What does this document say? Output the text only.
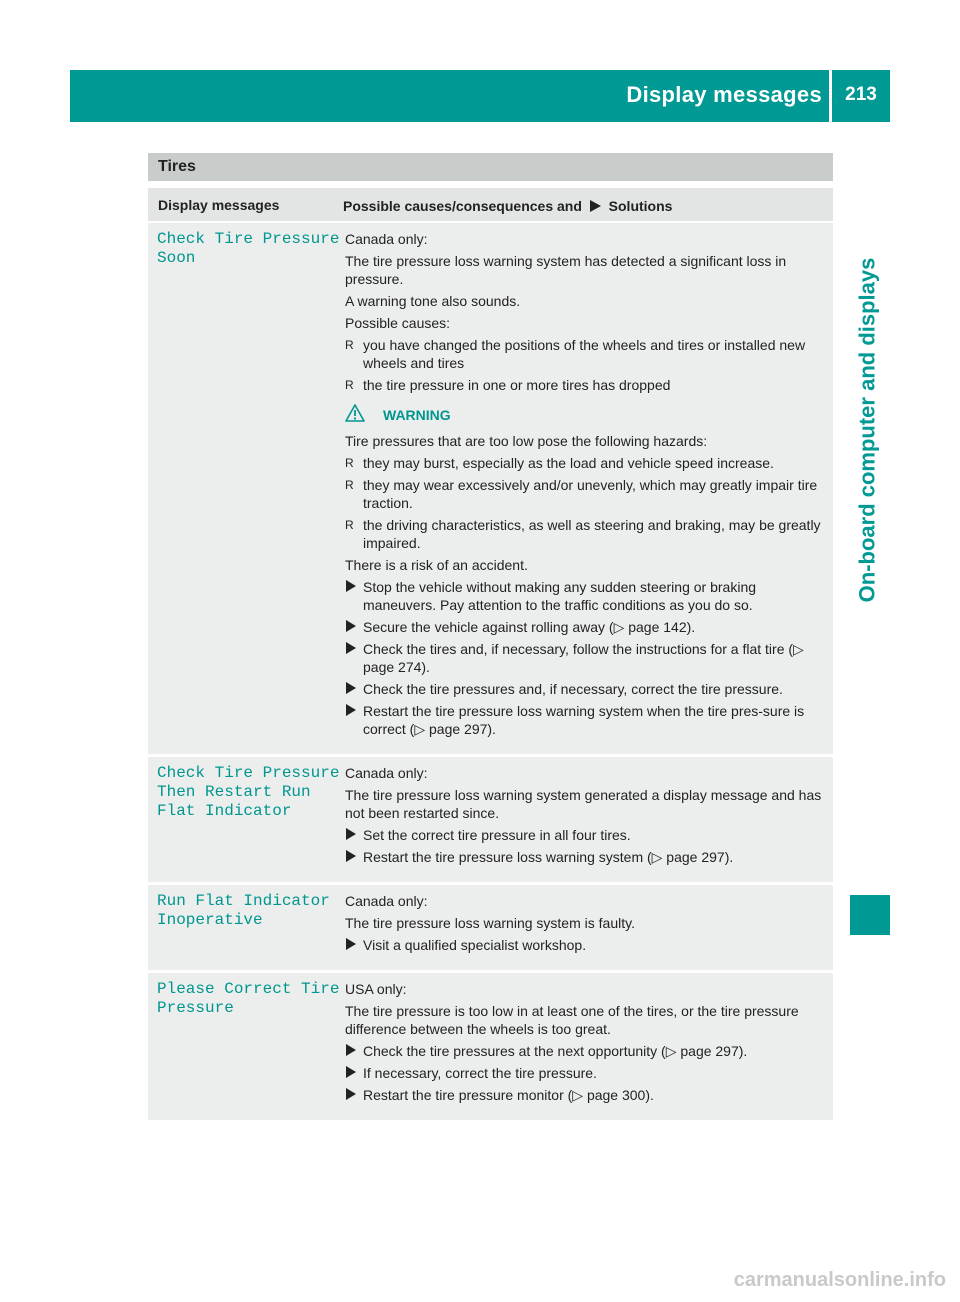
Display messages	213
On-board computer and displays
Tires
Display messages	Possible causes/consequences and Solutions
Check Tire Pressure
Soon

Canada only:

The tire pressure loss warning system has detected a significant loss in pressure.

A warning tone also sounds.

Possible causes:

R you have changed the positions of the wheels and tires or installed new wheels and tires
R the tire pressure in one or more tires has dropped
WARNING

Tire pressures that are too low pose the following hazards:

R they may burst, especially as the load and vehicle speed increase.
R they may wear excessively and/or unevenly, which may greatly impair tire traction.
R the driving characteristics, as well as steering and braking, may be greatly impaired.

There is a risk of an accident.

Stop the vehicle without making any sudden steering or braking maneuvers. Pay attention to the traffic conditions as you do so.
Secure the vehicle against rolling away (▷ page 142).
Check the tires and, if necessary, follow the instructions for a flat tire (▷ page 274).
Check the tire pressures and, if necessary, correct the tire pressure.
Restart the tire pressure loss warning system when the tire pres-sure is correct (▷ page 297).
Check Tire Pressure
Then Restart Run
Flat Indicator

Canada only:

The tire pressure loss warning system generated a display message and has not been restarted since.

Set the correct tire pressure in all four tires.
Restart the tire pressure loss warning system (▷ page 297).
Run Flat Indicator
Inoperative

Canada only:

The tire pressure loss warning system is faulty.

Visit a qualified specialist workshop.
Please Correct Tire
Pressure

USA only:

The tire pressure is too low in at least one of the tires, or the tire pressure difference between the wheels is too great.

Check the tire pressures at the next opportunity (▷ page 297).
If necessary, correct the tire pressure.
Restart the tire pressure monitor (▷ page 300).
carmanualsonline.info
